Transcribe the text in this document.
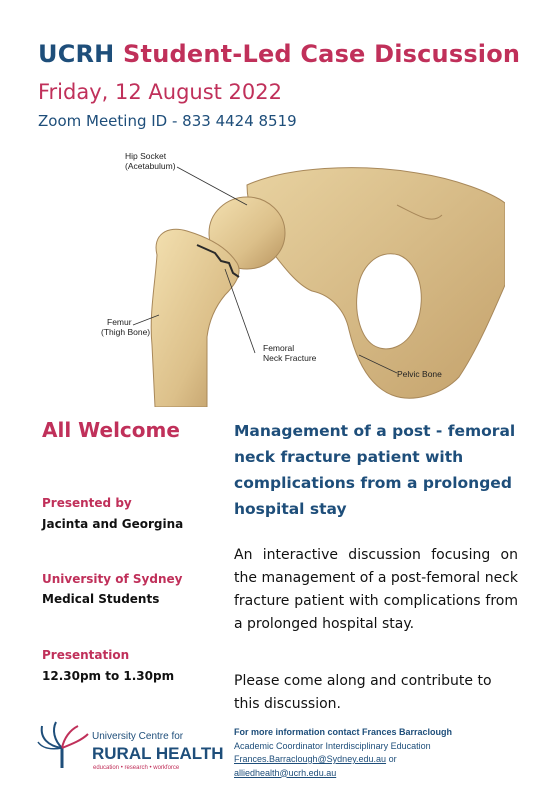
UCRH Student-Led Case Discussion
Friday, 12 August 2022
Zoom Meeting ID - 833 4424 8519
Hip Socket
(Acetabulum)
Femur
(Thigh Bone)
Femoral
Neck Fracture
Pelvic Bone
All Welcome
Presented by
Jacinta and Georgina
University of Sydney
Medical Students
Presentation
12.30pm to 1.30pm
Management of a post - femoral neck fracture patient with complications from a prolonged hospital stay
An interactive discussion focusing on the management of a post-femoral neck fracture patient with complications from a prolonged hospital stay.
Please come along and contribute to this discussion.
For more information contact Frances Barraclough
Academic Coordinator Interdisciplinary Education
Frances.Barraclough@Sydney.edu.au or
alliedhealth@ucrh.edu.au
University Centre for
RURAL HEALTH
education • research • workforce
